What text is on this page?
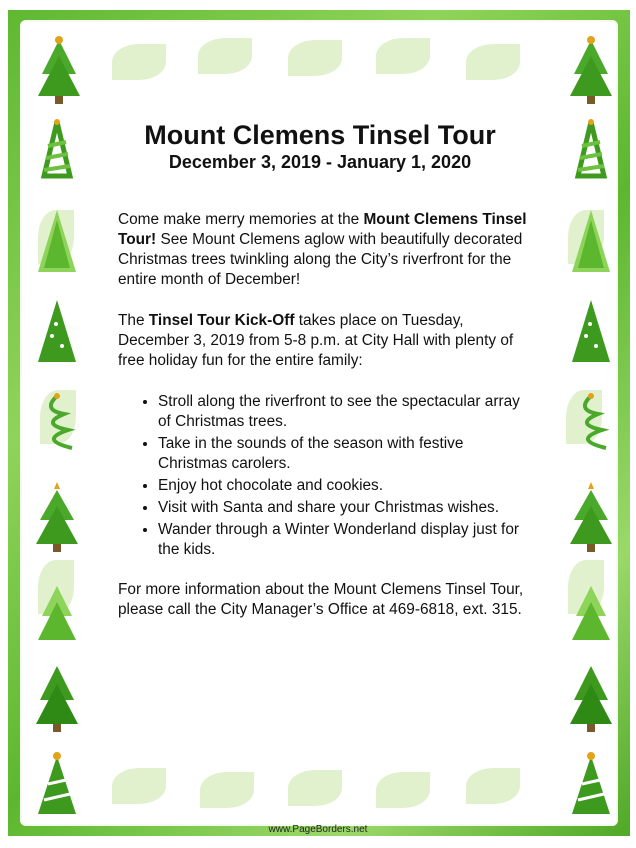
Mount Clemens Tinsel Tour
December 3, 2019 - January 1, 2020

Come make merry memories at the Mount Clemens Tinsel Tour! See Mount Clemens aglow with beautifully decorated Christmas trees twinkling along the City’s riverfront for the entire month of December!

The Tinsel Tour Kick-Off takes place on Tuesday, December 3, 2019 from 5-8 p.m. at City Hall with plenty of free holiday fun for the entire family:

• Stroll along the riverfront to see the spectacular array of Christmas trees.
• Take in the sounds of the season with festive Christmas carolers.
• Enjoy hot chocolate and cookies.
• Visit with Santa and share your Christmas wishes.
• Wander through a Winter Wonderland display just for the kids.

For more information about the Mount Clemens Tinsel Tour, please call the City Manager’s Office at 469-6818, ext. 315.

www.PageBorders.net
